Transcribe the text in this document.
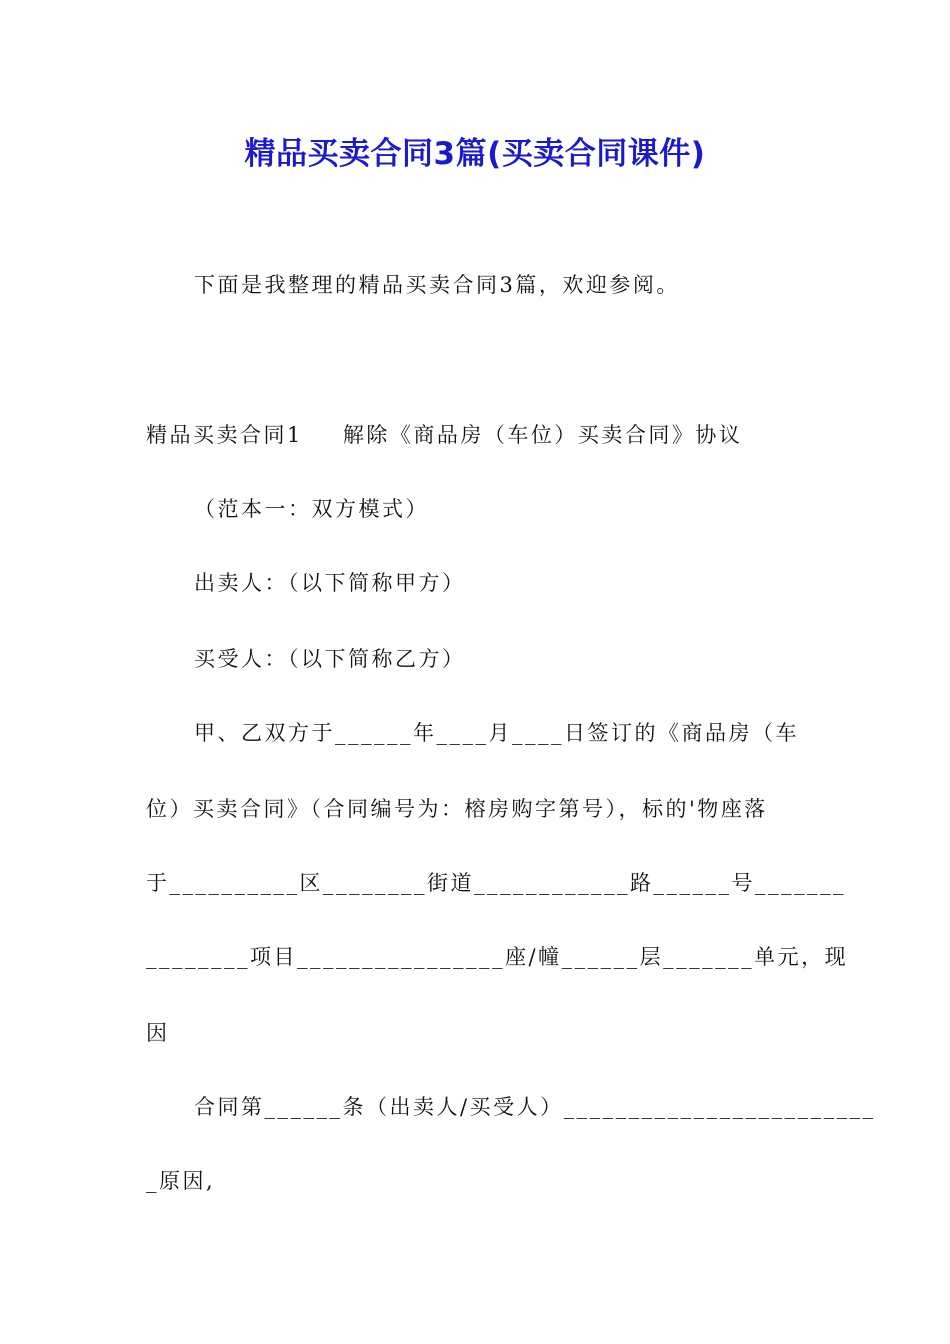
精品买卖合同3篇(买卖合同课件)
下面是我整理的精品买卖合同3篇，欢迎参阅。
精品买卖合同1 解除《商品房（车位）买卖合同》协议
（范本一：双方模式）
出卖人：（以下简称甲方）
买受人：（以下简称乙方）
甲、乙双方于______年____月____日签订的《商品房（车
位）买卖合同》（合同编号为：榕房购字第号），标的'物座落
于__________区________街道____________路______号_______
________项目________________座/幢______层_______单元，现
因
合同第______条（出卖人/买受人）________________________
_原因,
